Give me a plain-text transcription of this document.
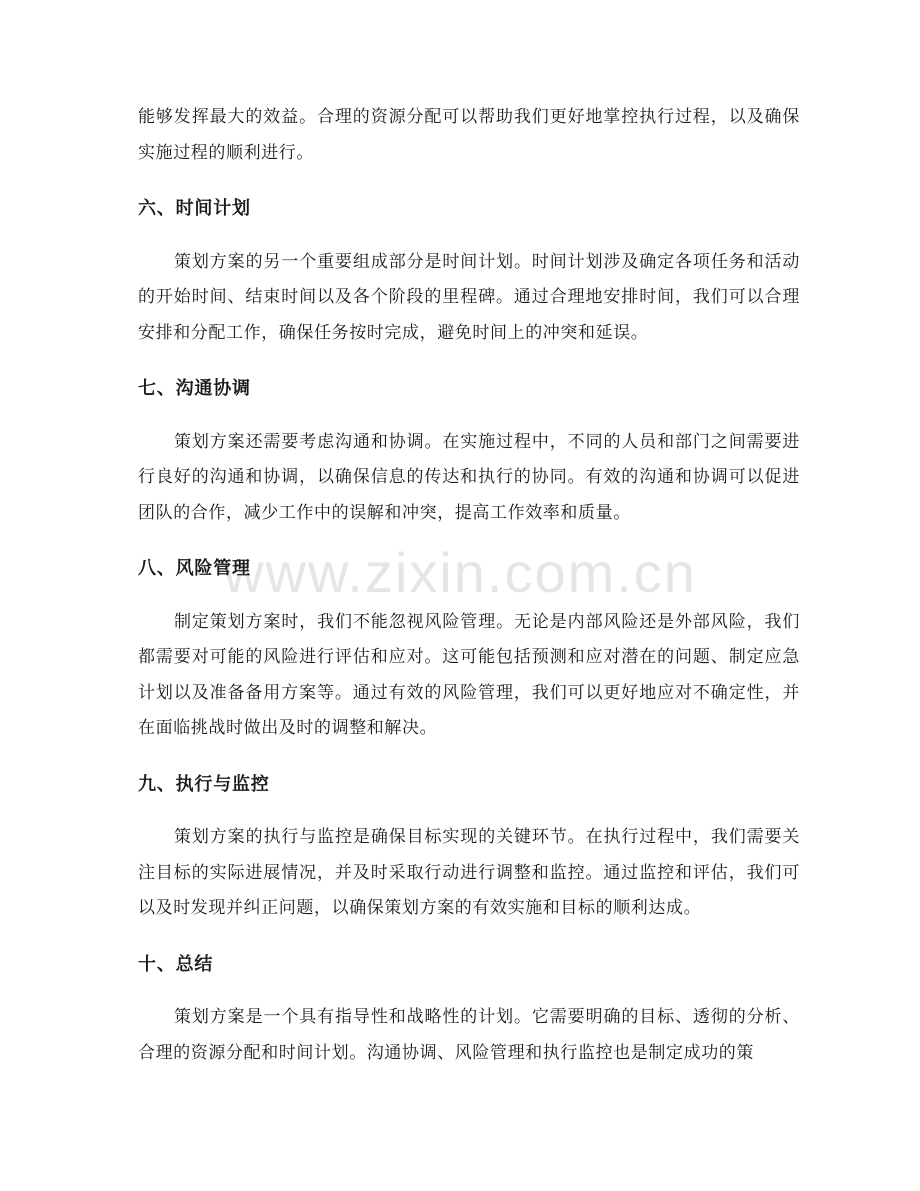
能够发挥最大的效益。合理的资源分配可以帮助我们更好地掌控执行过程，以及确保实施过程的顺利进行。

六、时间计划

策划方案的另一个重要组成部分是时间计划。时间计划涉及确定各项任务和活动的开始时间、结束时间以及各个阶段的里程碑。通过合理地安排时间，我们可以合理安排和分配工作，确保任务按时完成，避免时间上的冲突和延误。

七、沟通协调

策划方案还需要考虑沟通和协调。在实施过程中，不同的人员和部门之间需要进行良好的沟通和协调，以确保信息的传达和执行的协同。有效的沟通和协调可以促进团队的合作，减少工作中的误解和冲突，提高工作效率和质量。

八、风险管理

制定策划方案时，我们不能忽视风险管理。无论是内部风险还是外部风险，我们都需要对可能的风险进行评估和应对。这可能包括预测和应对潜在的问题、制定应急计划以及准备备用方案等。通过有效的风险管理，我们可以更好地应对不确定性，并在面临挑战时做出及时的调整和解决。

九、执行与监控

策划方案的执行与监控是确保目标实现的关键环节。在执行过程中，我们需要关注目标的实际进展情况，并及时采取行动进行调整和监控。通过监控和评估，我们可以及时发现并纠正问题，以确保策划方案的有效实施和目标的顺利达成。

十、总结

策划方案是一个具有指导性和战略性的计划。它需要明确的目标、透彻的分析、合理的资源分配和时间计划。沟通协调、风险管理和执行监控也是制定成功的策

www.zixin.com.cn
